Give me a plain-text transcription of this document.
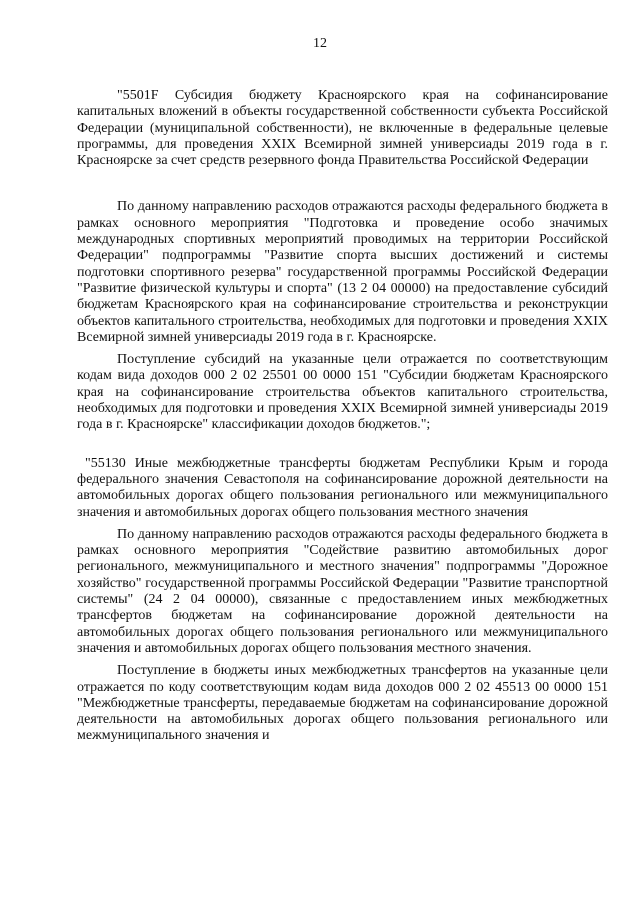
12

"5501F Субсидия бюджету Красноярского края на софинансирование капитальных вложений в объекты государственной собственности субъекта Российской Федерации (муниципальной собственности), не включенные в федеральные целевые программы, для проведения XXIX Всемирной зимней универсиады 2019 года в г. Красноярске за счет средств резервного фонда Правительства Российской Федерации

По данному направлению расходов отражаются расходы федерального бюджета в рамках основного мероприятия "Подготовка и проведение особо значимых международных спортивных мероприятий проводимых на территории Российской Федерации" подпрограммы "Развитие спорта высших достижений и системы подготовки спортивного резерва" государственной программы Российской Федерации "Развитие физической культуры и спорта" (13 2 04 00000) на предоставление субсидий бюджетам Красноярского края на софинансирование строительства и реконструкции объектов капитального строительства, необходимых для подготовки и проведения XXIX Всемирной зимней универсиады 2019 года в г. Красноярске.

Поступление субсидий на указанные цели отражается по соответствующим кодам вида доходов 000 2 02 25501 00 0000 151 "Субсидии бюджетам Красноярского края на софинансирование строительства объектов капитального строительства, необходимых для подготовки и проведения XXIX Всемирной зимней универсиады 2019 года в г. Красноярске" классификации доходов бюджетов.";

"55130 Иные межбюджетные трансферты бюджетам Республики Крым и города федерального значения Севастополя на софинансирование дорожной деятельности на автомобильных дорогах общего пользования регионального или межмуниципального значения и автомобильных дорогах общего пользования местного значения

По данному направлению расходов отражаются расходы федерального бюджета в рамках основного мероприятия "Содействие развитию автомобильных дорог регионального, межмуниципального и местного значения" подпрограммы "Дорожное хозяйство" государственной программы Российской Федерации "Развитие транспортной системы" (24 2 04 00000), связанные с предоставлением иных межбюджетных трансфертов бюджетам на софинансирование дорожной деятельности на автомобильных дорогах общего пользования регионального или межмуниципального значения и автомобильных дорогах общего пользования местного значения.

Поступление в бюджеты иных межбюджетных трансфертов на указанные цели отражается по коду соответствующим кодам вида доходов 000 2 02 45513 00 0000 151 "Межбюджетные трансферты, передаваемые бюджетам на софинансирование дорожной деятельности на автомобильных дорогах общего пользования регионального или межмуниципального значения и
